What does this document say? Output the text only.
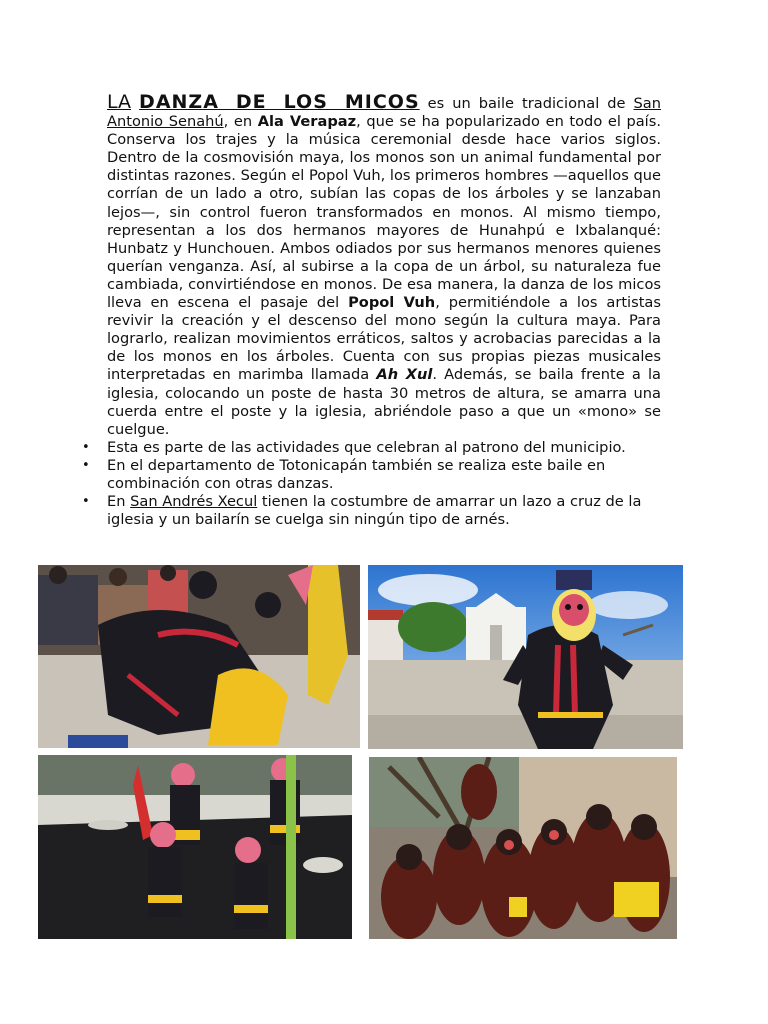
LA DANZA DE LOS MICOS es un baile tradicional de San Antonio Senahú, en Ala Verapaz, que se ha popularizado en todo el país. Conserva los trajes y la música ceremonial desde hace varios siglos. Dentro de la cosmovisión maya, los monos son un animal fundamental por distintas razones. Según el Popol Vuh, los primeros hombres —aquellos que corrían de un lado a otro, subían las copas de los árboles y se lanzaban lejos—, sin control fueron transformados en monos. Al mismo tiempo, representan a los dos hermanos mayores de Hunahpú e Ixbalanqué: Hunbatz y Hunchouen. Ambos odiados por sus hermanos menores quienes querían venganza. Así, al subirse a la copa de un árbol, su naturaleza fue cambiada, convirtiéndose en monos. De esa manera, la danza de los micos lleva en escena el pasaje del Popol Vuh, permitiéndole a los artistas revivir la creación y el descenso del mono según la cultura maya. Para lograrlo, realizan movimientos erráticos, saltos y acrobacias parecidas a la de los monos en los árboles. Cuenta con sus propias piezas musicales interpretadas en marimba llamada Ah Xul. Además, se baila frente a la iglesia, colocando un poste de hasta 30 metros de altura, se amarra una cuerda entre el poste y la iglesia, abriéndole paso a que un «mono» se cuelgue.

• Esta es parte de las actividades que celebran al patrono del municipio.
• En el departamento de Totonicapán también se realiza este baile en combinación con otras danzas.
• En San Andrés Xecul tienen la costumbre de amarrar un lazo a cruz de la iglesia y un bailarín se cuelga sin ningún tipo de arnés.
